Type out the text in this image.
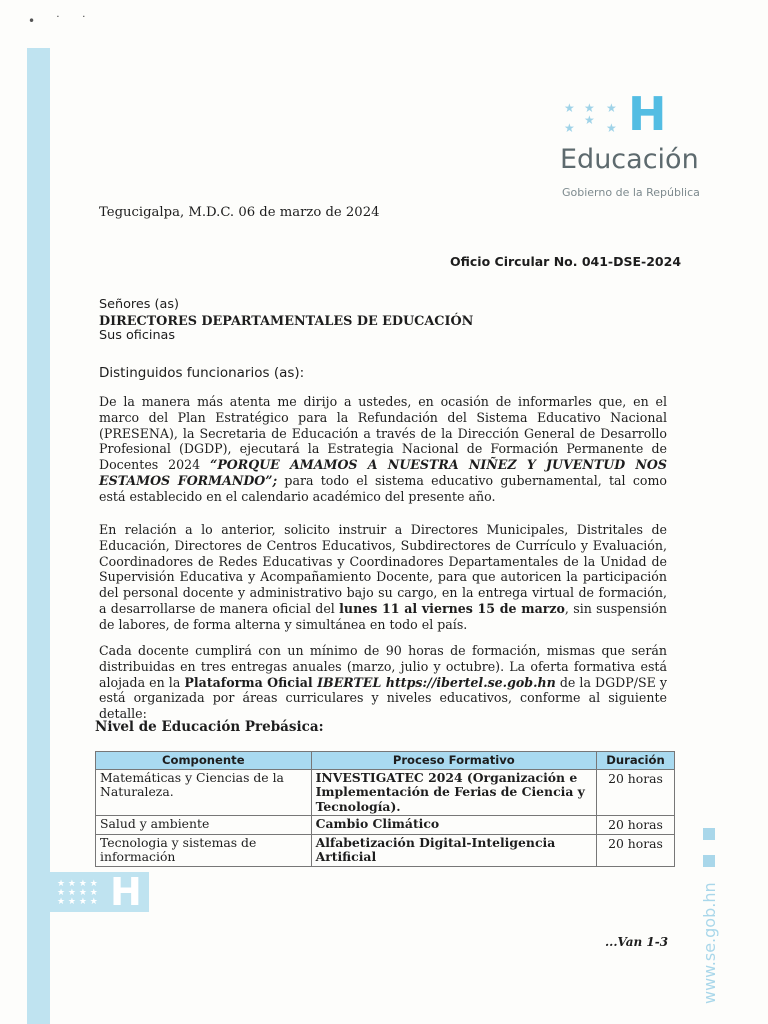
• ˙ ˙
★ ★ ★
★
★
★ H
Educación
Gobierno de la República
Tegucigalpa, M.D.C. 06 de marzo de 2024
Oficio Circular No. 041-DSE-2024
Señores (as)
DIRECTORES DEPARTAMENTALES DE EDUCACIÓN
Sus oficinas
Distinguidos funcionarios (as):
De la manera más atenta me dirijo a ustedes, en ocasión de informarles que, en el marco del Plan Estratégico para la Refundación del Sistema Educativo Nacional (PRESENA), la Secretaria de Educación a través de la Dirección General de Desarrollo Profesional (DGDP), ejecutará la Estrategia Nacional de Formación Permanente de Docentes 2024 “PORQUE AMAMOS A NUESTRA NIÑEZ Y JUVENTUD NOS ESTAMOS FORMANDO”; para todo el sistema educativo gubernamental, tal como está establecido en el calendario académico del presente año.
En relación a lo anterior, solicito instruir a Directores Municipales, Distritales de Educación, Directores de Centros Educativos, Subdirectores de Currículo y Evaluación, Coordinadores de Redes Educativas y Coordinadores Departamentales de la Unidad de Supervisión Educativa y Acompañamiento Docente, para que autoricen la participación del personal docente y administrativo bajo su cargo, en la entrega virtual de formación, a desarrollarse de manera oficial del lunes 11 al viernes 15 de marzo, sin suspensión de labores, de forma alterna y simultánea en todo el país.
Cada docente cumplirá con un mínimo de 90 horas de formación, mismas que serán distribuidas en tres entregas anuales (marzo, julio y octubre). La oferta formativa está alojada en la Plataforma Oficial IBERTEL https://ibertel.se.gob.hn de la DGDP/SE y está organizada por áreas curriculares y niveles educativos, conforme al siguiente detalle:
Nivel de Educación Prebásica:
Componente	Proceso Formativo	Duración
Matemáticas y Ciencias de la Naturaleza.	INVESTIGATEC 2024 (Organización e Implementación de Ferias de Ciencia y Tecnología).	20 horas
Salud y ambiente	Cambio Climático	20 horas
Tecnologia y sistemas de información	Alfabetización Digital-Inteligencia Artificial	20 horas
★ ★ ★ ★
★ ★ ★ ★
★ ★ ★ ★ H
...Van 1-3 www.se.gob.hn
